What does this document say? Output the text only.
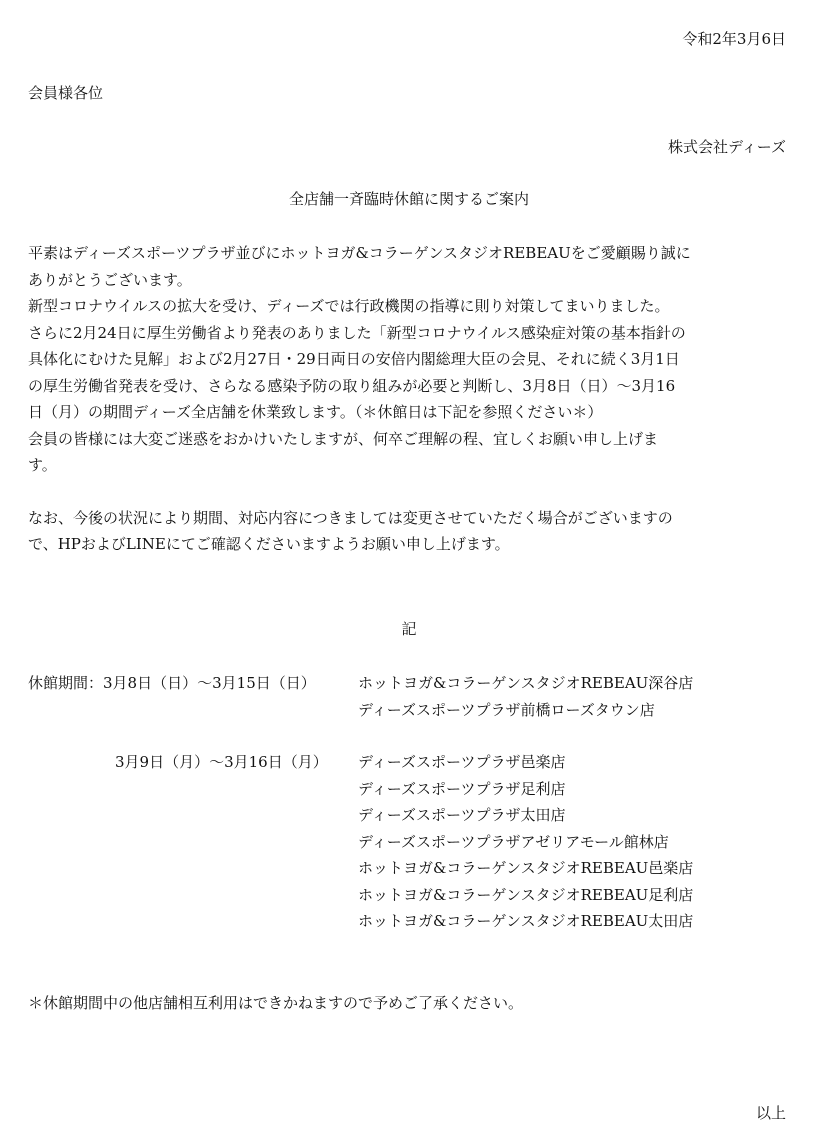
令和2年3月6日

会員様各位

株式会社ディーズ

全店舗一斉臨時休館に関するご案内

平素はディーズスポーツプラザ並びにホットヨガ&コラーゲンスタジオREBEAUをご愛顧賜り誠に

ありがとうございます。

新型コロナウイルスの拡大を受け、ディーズでは行政機関の指導に則り対策してまいりました。

さらに2月24日に厚生労働省より発表のありました「新型コロナウイルス感染症対策の基本指針の

具体化にむけた見解」および2月27日・29日両日の安倍内閣総理大臣の会見、それに続く3月1日

の厚生労働省発表を受け、さらなる感染予防の取り組みが必要と判断し、3月8日（日）～3月16

日（月）の期間ディーズ全店舗を休業致します。（＊休館日は下記を参照ください＊）

会員の皆様には大変ご迷惑をおかけいたしますが、何卒ご理解の程、宜しくお願い申し上げま

す。

なお、今後の状況により期間、対応内容につきましては変更させていただく場合がございますの

で、HPおよびLINEにてご確認くださいますようお願い申し上げます。

記

休館期間：3月8日（日）～3月15日（日）	ホットヨガ&コラーゲンスタジオREBEAU深谷店
ディーズスポーツプラザ前橋ローズタウン店
3月9日（月）～3月16日（月） ディーズスポーツプラザ邑楽店
ディーズスポーツプラザ足利店
ディーズスポーツプラザ太田店
ディーズスポーツプラザアゼリアモール館林店
ホットヨガ&コラーゲンスタジオREBEAU邑楽店
ホットヨガ&コラーゲンスタジオREBEAU足利店
ホットヨガ&コラーゲンスタジオREBEAU太田店

＊休館期間中の他店舗相互利用はできかねますので予めご了承ください。

以上
